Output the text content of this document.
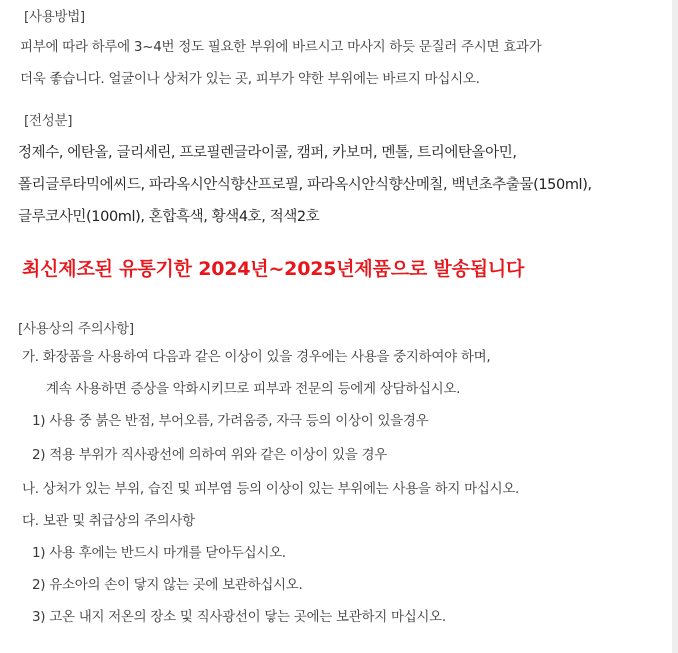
[사용방법]
피부에 따라 하루에 3~4번 정도 필요한 부위에 바르시고 마사지 하듯 문질러 주시면 효과가
더욱 좋습니다. 얼굴이나 상처가 있는 곳, 피부가 약한 부위에는 바르지 마십시오.
[전성분]
정제수, 에탄올, 글리세린, 프로필렌글라이콜, 캠퍼, 카보머, 멘톨, 트리에탄올아민,
폴리글루타믹에씨드, 파라옥시안식향산프로필, 파라옥시안식향산메칠, 백년초추출물(150ml),
글루코사민(100ml), 혼합흑색, 황색4호, 적색2호
최신제조된 유통기한 2024년~2025년제품으로 발송됩니다
[사용상의 주의사항]
가. 화장품을 사용하여 다음과 같은 이상이 있을 경우에는 사용을 중지하여야 하며,
계속 사용하면 증상을 악화시키므로 피부과 전문의 등에게 상담하십시오.
1) 사용 중 붉은 반점, 부어오름, 가려움증, 자극 등의 이상이 있을경우
2) 적용 부위가 직사광선에 의하여 위와 같은 이상이 있을 경우
나. 상처가 있는 부위, 습진 및 피부염 등의 이상이 있는 부위에는 사용을 하지 마십시오.
다. 보관 및 취급상의 주의사항
1) 사용 후에는 반드시 마개를 닫아두십시오.
2) 유소아의 손이 닿지 않는 곳에 보관하십시오.
3) 고온 내지 저온의 장소 및 직사광선이 닿는 곳에는 보관하지 마십시오.
